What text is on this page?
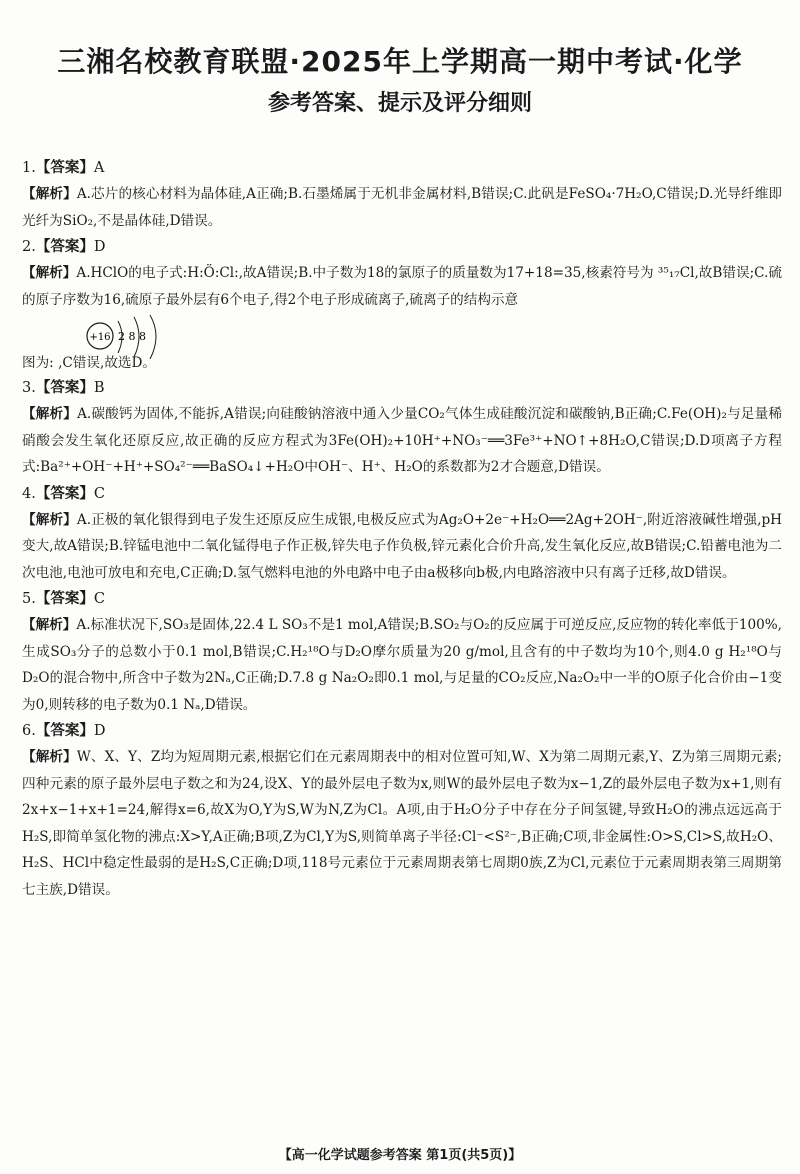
三湘名校教育联盟·2025年上学期高一期中考试·化学
参考答案、提示及评分细则
1.【答案】A

【解析】A.芯片的核心材料为晶体硅,A正确;B.石墨烯属于无机非金属材料,B错误;C.此矾是FeSO₄·7H₂O,C错误;D.光导纤维即光纤为SiO₂,不是晶体硅,D错误。

2.【答案】D

【解析】A.HClO的电子式:H:Ö:Cl:,故A错误;B.中子数为18的氯原子的质量数为17+18=35,核素符号为 ³⁵₁₇Cl,故B错误;C.硫的原子序数为16,硫原子最外层有6个电子,得2个电子形成硫离子,硫离子的结构示意

+16 2 8 8
图为: ,C错误,故选D。
3.【答案】B

【解析】A.碳酸钙为固体,不能拆,A错误;向硅酸钠溶液中通入少量CO₂气体生成硅酸沉淀和碳酸钠,B正确;C.Fe(OH)₂与足量稀硝酸会发生氧化还原反应,故正确的反应方程式为3Fe(OH)₂+10H⁺+NO₃⁻══3Fe³⁺+NO↑+8H₂O,C错误;D.D项离子方程式:Ba²⁺+OH⁻+H⁺+SO₄²⁻══BaSO₄↓+H₂O中OH⁻、H⁺、H₂O的系数都为2才合题意,D错误。

4.【答案】C

【解析】A.正极的氧化银得到电子发生还原反应生成银,电极反应式为Ag₂O+2e⁻+H₂O══2Ag+2OH⁻,附近溶液碱性增强,pH变大,故A错误;B.锌锰电池中二氧化锰得电子作正极,锌失电子作负极,锌元素化合价升高,发生氧化反应,故B错误;C.铅蓄电池为二次电池,电池可放电和充电,C正确;D.氢气燃料电池的外电路中电子由a极移向b极,内电路溶液中只有离子迁移,故D错误。

5.【答案】C

【解析】A.标准状况下,SO₃是固体,22.4 L SO₃不是1 mol,A错误;B.SO₂与O₂的反应属于可逆反应,反应物的转化率低于100%,生成SO₃分子的总数小于0.1 mol,B错误;C.H₂¹⁸O与D₂O摩尔质量为20 g/mol,且含有的中子数均为10个,则4.0 g H₂¹⁸O与D₂O的混合物中,所含中子数为2Nₐ,C正确;D.7.8 g Na₂O₂即0.1 mol,与足量的CO₂反应,Na₂O₂中一半的O原子化合价由−1变为0,则转移的电子数为0.1 Nₐ,D错误。

6.【答案】D

【解析】W、X、Y、Z均为短周期元素,根据它们在元素周期表中的相对位置可知,W、X为第二周期元素,Y、Z为第三周期元素;四种元素的原子最外层电子数之和为24,设X、Y的最外层电子数为x,则W的最外层电子数为x−1,Z的最外层电子数为x+1,则有2x+x−1+x+1=24,解得x=6,故X为O,Y为S,W为N,Z为Cl。A项,由于H₂O分子中存在分子间氢键,导致H₂O的沸点远远高于H₂S,即简单氢化物的沸点:X>Y,A正确;B项,Z为Cl,Y为S,则简单离子半径:Cl⁻<S²⁻,B正确;C项,非金属性:O>S,Cl>S,故H₂O、H₂S、HCl中稳定性最弱的是H₂S,C正确;D项,118号元素位于元素周期表第七周期0族,Z为Cl,元素位于元素周期表第三周期第七主族,D错误。

【高一化学试题参考答案 第1页(共5页)】
